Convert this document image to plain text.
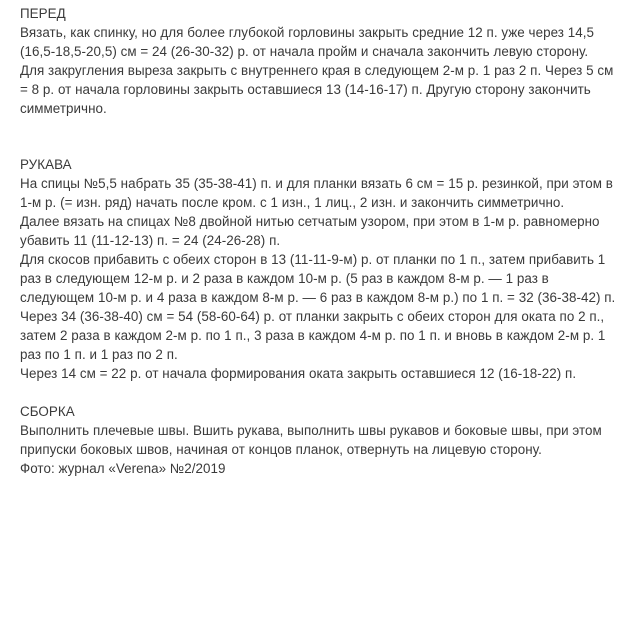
ПЕРЕД

Вязать, как спинку, но для более глубокой горловины закрыть средние 12 п. уже через 14,5 (16,5-18,5-20,5) см = 24 (26-30-32) р. от начала пройм и сначала закончить левую сторону.

Для закругления выреза закрыть с внутреннего края в следующем 2-м р. 1 раз 2 п. Через 5 см = 8 р. от начала горловины закрыть оставшиеся 13 (14-16-17) п. Другую сторону закончить симметрично.

РУКАВА

На спицы №5,5 набрать 35 (35-38-41) п. и для планки вязать 6 см = 15 р. резинкой, при этом в 1-м р. (= изн. ряд) начать после кром. с 1 изн., 1 лиц., 2 изн. и закончить симметрично.

Далее вязать на спицах №8 двойной нитью сетчатым узором, при этом в 1-м р. равномерно убавить 11 (11-12-13) п. = 24 (24-26-28) п.

Для скосов прибавить с обеих сторон в 13 (11-11-9-м) р. от планки по 1 п., затем прибавить 1 раз в следующем 12-м р. и 2 раза в каждом 10-м р. (5 раз в каждом 8-м р. — 1 раз в следующем 10-м р. и 4 раза в каждом 8-м р. — 6 раз в каждом 8-м р.) по 1 п. = 32 (36-38-42) п.

Через 34 (36-38-40) см = 54 (58-60-64) р. от планки закрыть с обеих сторон для оката по 2 п., затем 2 раза в каждом 2-м р. по 1 п., 3 раза в каждом 4-м р. по 1 п. и вновь в каждом 2-м р. 1 раз по 1 п. и 1 раз по 2 п.

Через 14 см = 22 р. от начала формирования оката закрыть оставшиеся 12 (16-18-22) п.

СБОРКА

Выполнить плечевые швы. Вшить рукава, выполнить швы рукавов и боковые швы, при этом припуски боковых швов, начиная от концов планок, отвернуть на лицевую сторону.

Фото: журнал «Verena» №2/2019
